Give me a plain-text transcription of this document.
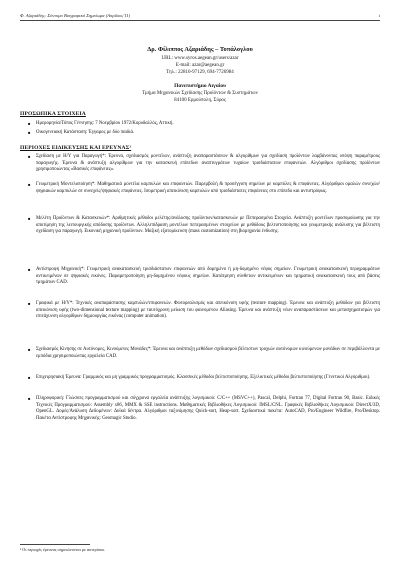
Φ. Αζαριάδης: Σύντομο Βιογραφικό Σημείωμα (Απρίλιος'11)	i
Δρ. Φίλιππος Αζαριάδης – Τοπάλογλου
URL: www.syros.aegean.gr/users/azar
E-mail: azar@aegean.gr
Τηλ.: 22810-97129, 694-7726984
Πανεπιστήμιο Αιγαίου
Τμήμα Μηχανικών Σχεδίασης Προϊόντων & Συστημάτων
84100 Ερμούπολη, Σύρος
ΠΡΟΣΩΠΙΚΑ ΣΤΟΙΧΕΙΑ
■	Ημερομηνία/Τόπος Γέννησης: 7 Νοεμβρίου 1972/Κορυδαλλός, Αττική.
■	Οικογενειακή Κατάσταση: Έγγαμος με δύο παιδιά.
ΠΕΡΙΟΧΕΣ ΕΙΔΙΚΕΥΣΗΣ ΚΑΙ ΕΡΕΥΝΑΣ¹
■	Σχεδίαση με Η/Υ για Παραγωγή*: Έρευνα, σχεδιασμός μοντέλων, ανάπτυξη αναπαραστάσεων & αλγορίθμων για σχεδίαση προϊόντων λαμβάνοντας υπόψη παραμέτρους παραγωγής. Έρευνα & ανάπτυξη αλγορίθμων για την κατασκευή επίπεδων αναπτυγμάτων τυχαίων τρισδιάστατων επιφανειών. Αλγόριθμοι σχεδίασης προϊόντων χρησιμοποιώντας «Βασικές επιφάνειες».
■	Γεωμετρική Μοντελοποίηση*: Μαθηματικά μοντέλα καμπυλών και επιφανειών. Παρεμβολή & προσέγγιση σημείων με καμπύλες & επιφάνειες. Αλγόριθμοι ομαλών συνεχών/ψηφιακών καμπυλών σε συνεχείς/ψηφιακές επιφάνειες. Ισομετρική απεικόνιση καμπυλών από τρισδιάστατες επιφάνειες στο επίπεδο και αντιστρόφως.
■	Μελέτη Προϊόντων & Κατασκευών*: Αριθμητικές μέθοδοι μελέτης/ανάλυσης προϊόντων/κατασκευών με Πεπερασμένα Στοιχεία. Ανάπτυξη μοντέλων προσομοίωσης για την αποτίμηση της λειτουργικής απόδοσης προϊόντων. Αλληλεπίδραση μοντέλων πεπερασμένων στοιχείων με μεθόδους βελτιστοποίησης και γεωμετρικής ανάλυσης για βέλτιστη σχεδίαση για παραγωγή. Εικονική μηχανική προϊόντων. Μαζική εξατομίκευση (mass customization) στη βιομηχανία ένδυσης.
■	Αντίστροφη Μηχανική*: Γεωμετρική ανακατασκευή τρισδιάστατων επιφανειών από δομημένο ή μη-δομημένο νέφος σημείων. Γεωμετρική ανακατασκευή περιγραμμάτων αντικειμένων σε ψηφιακές εικόνες. Παραμετροποίηση μη-δομημένου νέφους σημείων. Κατάτμηση σύνθετων αντικειμένων και τμηματική ανακατασκευή τους από βάσεις τμημάτων CAD.
■	Γραφικά με Η/Υ*: Τεχνικές αναπαράστασης καμπυλών/επιφανειών. Φωτορεαλισμός και απεικόνιση υφής (texture mapping). Έρευνα και ανάπτυξη μεθόδων για βέλτιστη απεικόνιση υφής (two-dimensional texture mapping) με ταυτόχρονη μείωση του φαινομένου Aliasing. Έρευνα και ανάπτυξη νέων αναπαραστάσεων και μετασχηματισμών για επιτάχυνση αλγορίθμων δημιουργίας εικόνας (computer animation).
■	Σχεδιασμός Κίνησης σε Αυτόνομες, Κινούμενες Μονάδες*: Έρευνα και ανάπτυξη μεθόδων σχεδιασμού βέλτιστων τροχιών αυτόνομων κινούμενων μονάδων σε περιβάλλοντα με εμπόδια χρησιμοποιώντας εργαλεία CAD.
■	Επιχειρησιακή Έρευνα: Γραμμικός και μη γραμμικός προγραμματισμός. Κλασσικές μέθοδοι βελτιστοποίησης. Εξελικτικές μέθοδοι βελτιστοποίησης (Γενετικοί Αλγόριθμοι).
■	Πληροφορική: Γλώσσες προγραμματισμού και σύγχρονα εργαλεία ανάπτυξης λογισμικού: C/C++ (MSVC++), Pascal, Delphi, Fortran 77, Digital Fortran 90, Basic. Ειδικές Τεχνικές Προγραμματισμού: Assembly x86, MMX & SSE instructions. Μαθηματικές Βιβλιοθήκες Λογισμικού: IMSL/CNL. Γραφικές Βιβλιοθήκες Λογισμικού: DirectX/3D, OpenGL. Δομές/Ανάλυση Δεδομένων: Δυϊκά δέντρα. Αλγόριθμοι ταξινόμησης Quick-sort, Heap-sort. Σχεδιαστικά πακέτα: AutoCAD, Pro/Engineer Wildfire, Pro/Desktop. Πακέτα Αντίστροφης Μηχανικής: Geomagic Studio.
¹ Οι περιοχές έρευνας σημειώνονται με αστερίσκο.
